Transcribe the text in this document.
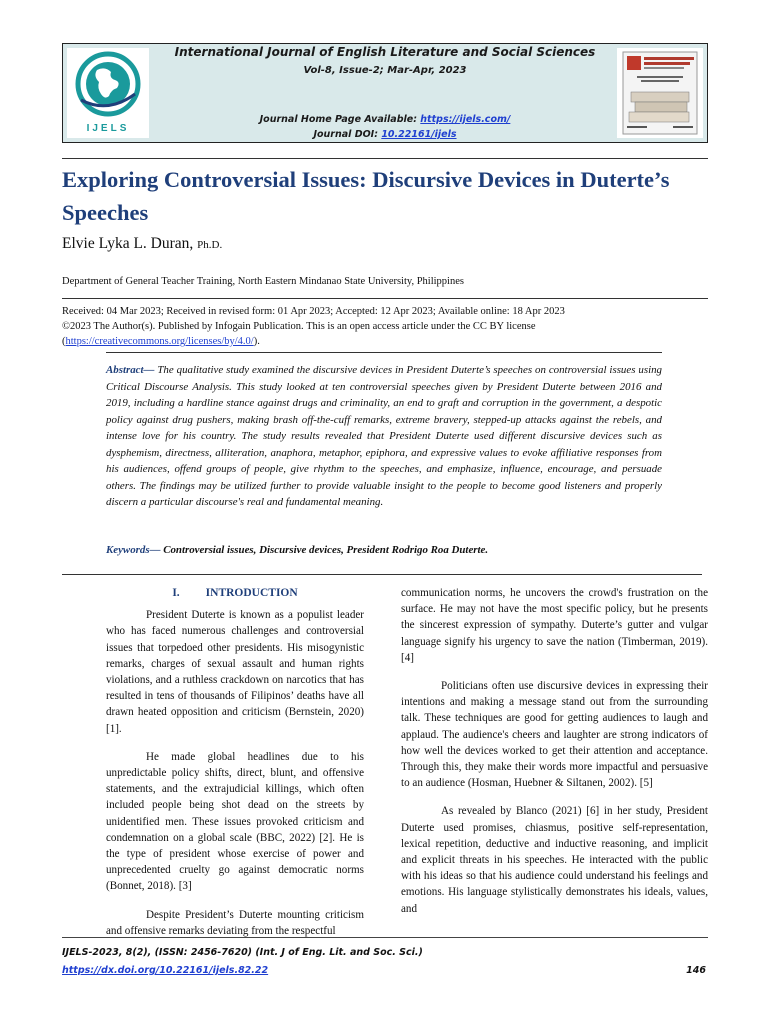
IJELS
International Journal of English Literature and Social Sciences
Vol-8, Issue-2; Mar-Apr, 2023
Journal Home Page Available: https://ijels.com/
Journal DOI: 10.22161/ijels
Exploring Controversial Issues: Discursive Devices in Duterte’s Speeches
Elvie Lyka L. Duran, Ph.D.
Department of General Teacher Training, North Eastern Mindanao State University, Philippines
Received: 04 Mar 2023; Received in revised form: 01 Apr 2023; Accepted: 12 Apr 2023; Available online: 18 Apr 2023
©2023 The Author(s). Published by Infogain Publication. This is an open access article under the CC BY license
(https://creativecommons.org/licenses/by/4.0/).
Abstract— The qualitative study examined the discursive devices in President Duterte’s speeches on controversial issues using Critical Discourse Analysis. This study looked at ten controversial speeches given by President Duterte between 2016 and 2019, including a hardline stance against drugs and criminality, an end to graft and corruption in the government, a despotic policy against drug pushers, making brash off-the-cuff remarks, extreme bravery, stepped-up attacks against the rebels, and intense love for his country. The study results revealed that President Duterte used different discursive devices such as dysphemism, directness, alliteration, anaphora, metaphor, epiphora, and expressive values to evoke affiliative responses from his audiences, offend groups of people, give rhythm to the speeches, and emphasize, influence, encourage, and persuade others. The findings may be utilized further to provide valuable insight to the people to become good listeners and properly discern a particular discourse's real and fundamental meaning.
Keywords— Controversial issues, Discursive devices, President Rodrigo Roa Duterte.
I. INTRODUCTION

President Duterte is known as a populist leader who has faced numerous challenges and controversial issues that torpedoed other presidents. His misogynistic remarks, charges of sexual assault and human rights violations, and a ruthless crackdown on narcotics that has resulted in tens of thousands of Filipinos’ deaths have all drawn heated opposition and criticism (Bernstein, 2020) [1].

He made global headlines due to his unpredictable policy shifts, direct, blunt, and offensive statements, and the extrajudicial killings, which often included people being shot dead on the streets by unidentified men. These issues provoked criticism and condemnation on a global scale (BBC, 2022) [2]. He is the type of president whose exercise of power and unprecedented cruelty go against democratic norms (Bonnet, 2018). [3]

Despite President’s Duterte mounting criticism and offensive remarks deviating from the respectful

communication norms, he uncovers the crowd's frustration on the surface. He may not have the most specific policy, but he presents the sincerest expression of sympathy. Duterte’s gutter and vulgar language signify his urgency to save the nation (Timberman, 2019). [4]

Politicians often use discursive devices in expressing their intentions and making a message stand out from the surrounding talk. These techniques are good for getting audiences to laugh and applaud. The audience's cheers and laughter are strong indicators of how well the devices worked to get their attention and acceptance. Through this, they make their words more impactful and persuasive to an audience (Hosman, Huebner & Siltanen, 2002). [5]

As revealed by Blanco (2021) [6] in her study, President Duterte used promises, chiasmus, positive self-representation, lexical repetition, deductive and inductive reasoning, and implicit and explicit threats in his speeches. He interacted with the public with his ideas so that his audience could understand his feelings and emotions. His language stylistically demonstrates his ideals, values, and

IJELS-2023, 8(2), (ISSN: 2456-7620) (Int. J of Eng. Lit. and Soc. Sci.)
https://dx.doi.org/10.22161/ijels.82.22	146
